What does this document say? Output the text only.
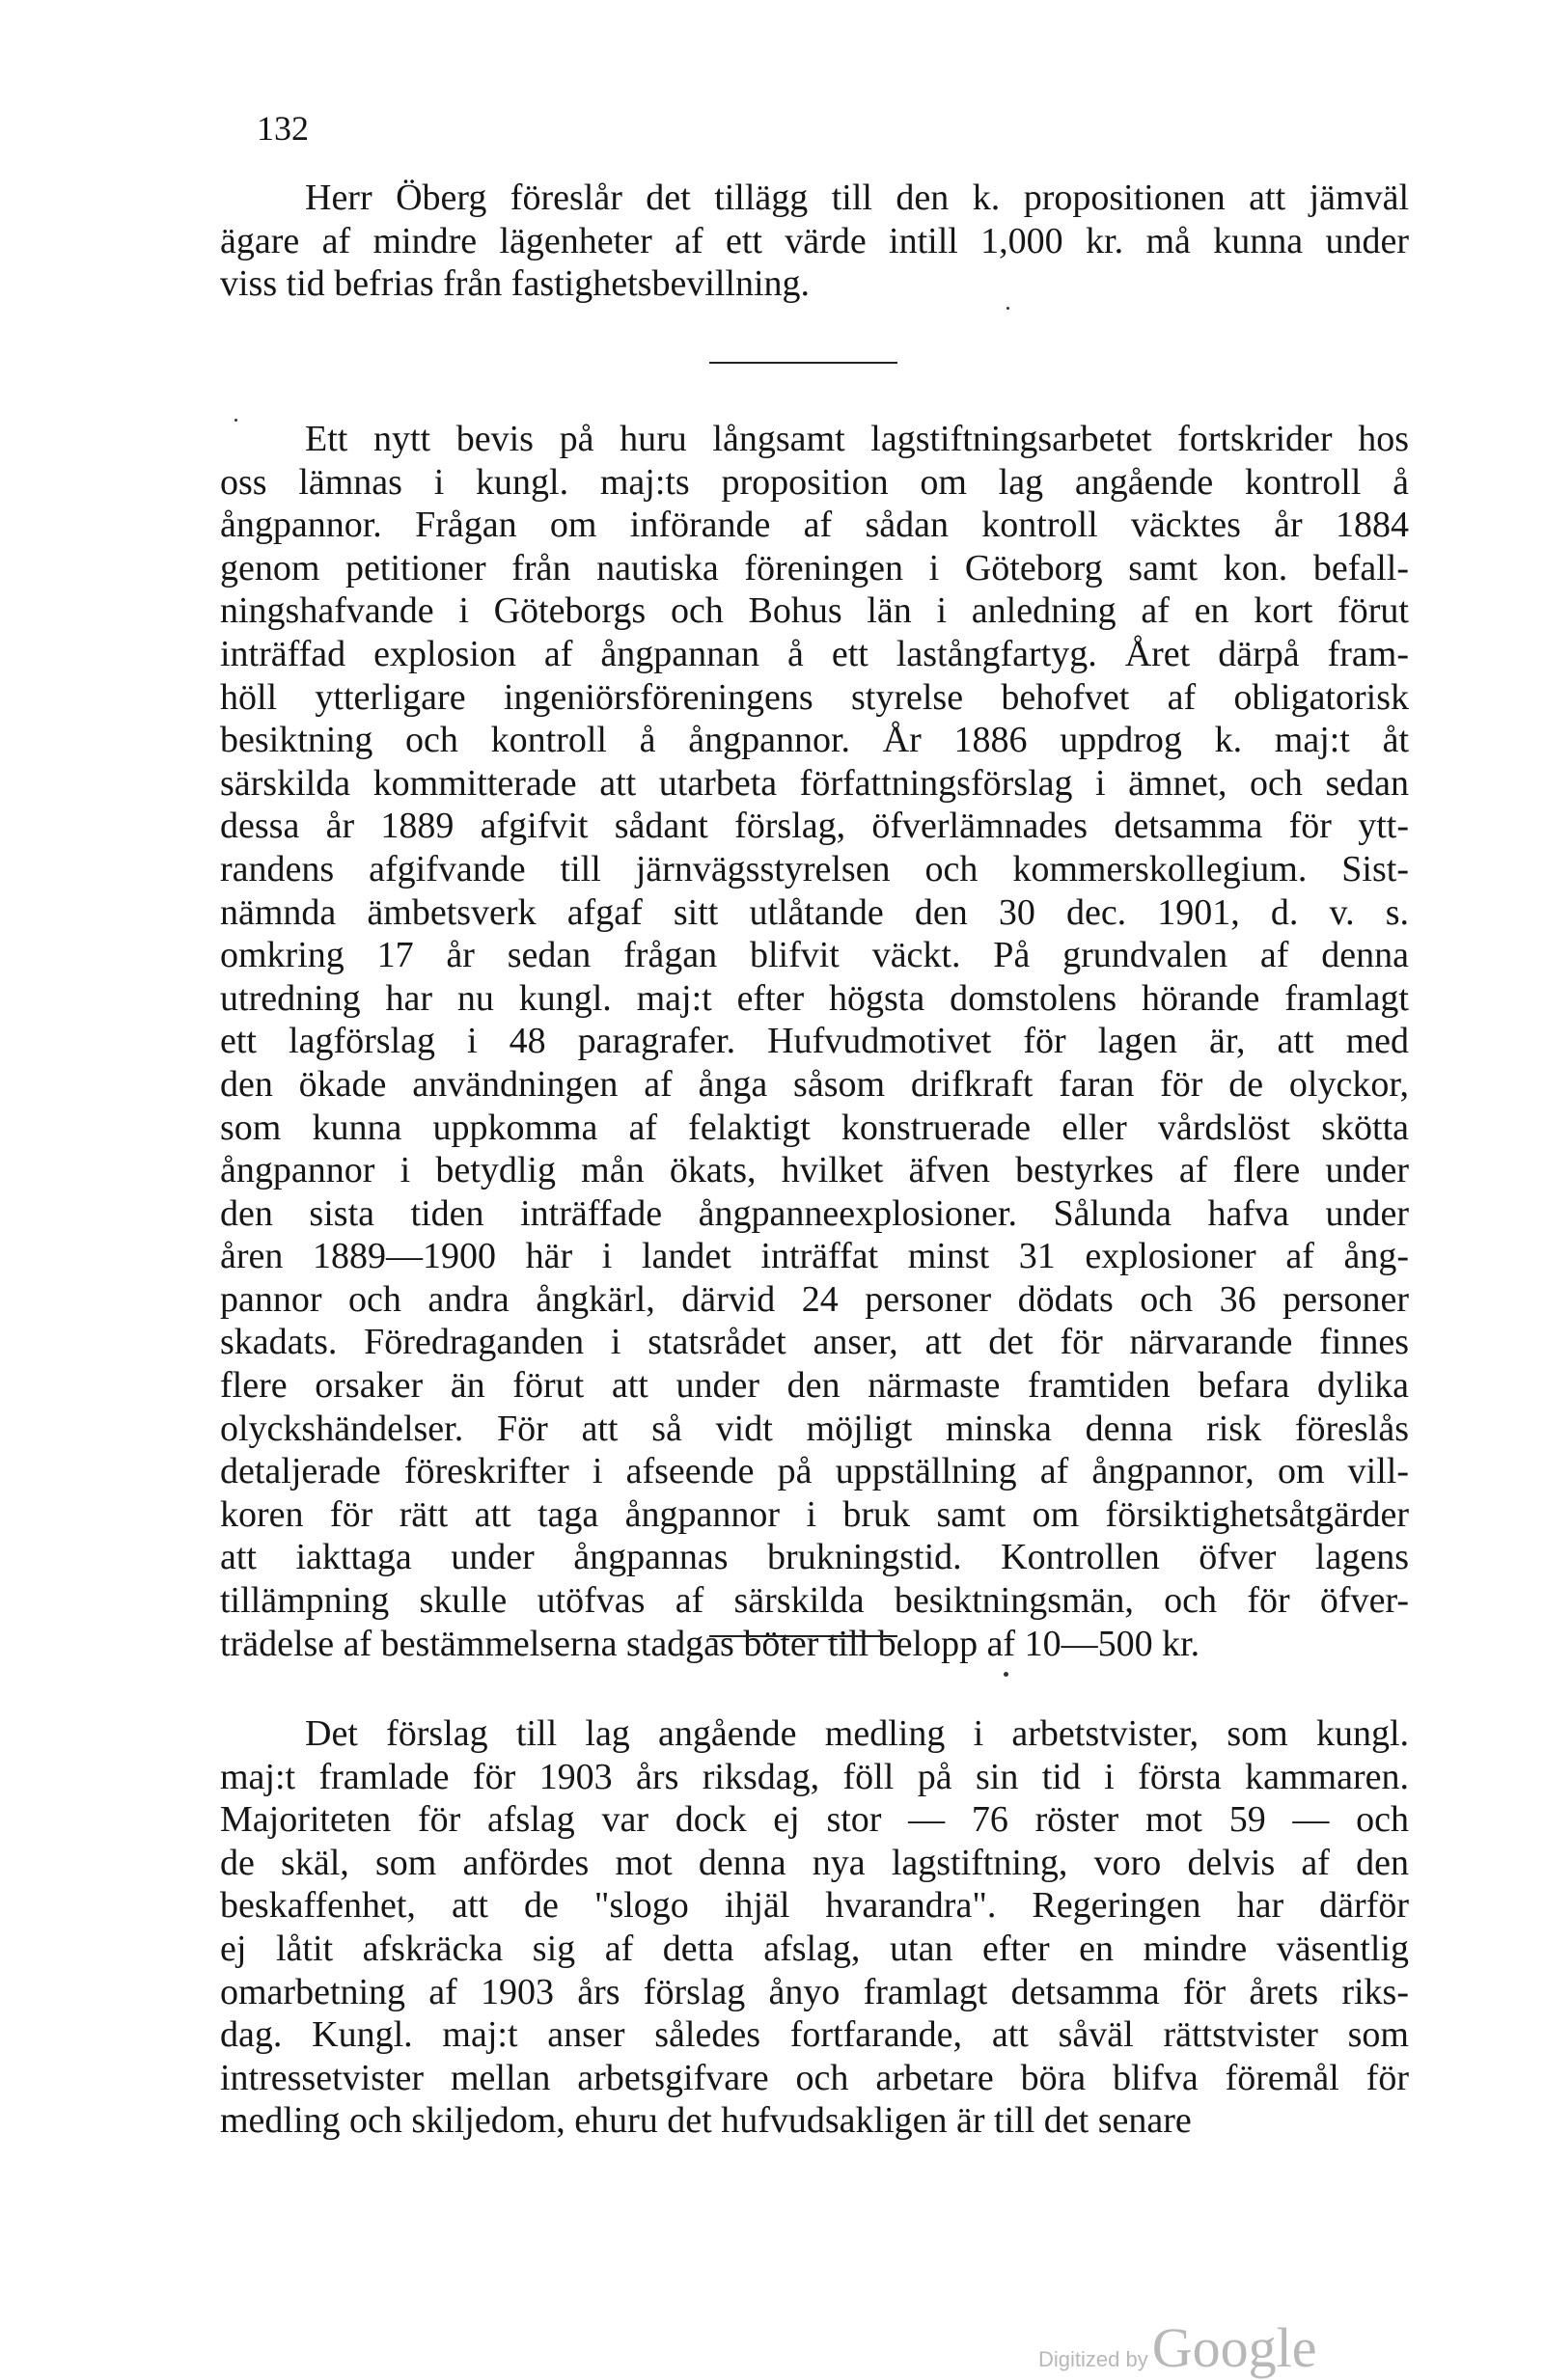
132
Herr Öberg föreslår det tillägg till den k. propositionen att jämväl
ägare af mindre lägenheter af ett värde intill 1,000 kr. må kunna under
viss tid befrias från fastighetsbevillning.
Ett nytt bevis på huru långsamt lagstiftningsarbetet fortskrider hos
oss lämnas i kungl. maj:ts proposition om lag angående kontroll å
ångpannor. Frågan om införande af sådan kontroll väcktes år 1884
genom petitioner från nautiska föreningen i Göteborg samt kon. befall-
ningshafvande i Göteborgs och Bohus län i anledning af en kort förut
inträffad explosion af ångpannan å ett lastångfartyg. Året därpå fram-
höll ytterligare ingeniörsföreningens styrelse behofvet af obligatorisk
besiktning och kontroll å ångpannor. År 1886 uppdrog k. maj:t åt
särskilda kommitterade att utarbeta författningsförslag i ämnet, och sedan
dessa år 1889 afgifvit sådant förslag, öfverlämnades detsamma för ytt-
randens afgifvande till järnvägsstyrelsen och kommerskollegium. Sist-
nämnda ämbetsverk afgaf sitt utlåtande den 30 dec. 1901, d. v. s.
omkring 17 år sedan frågan blifvit väckt. På grundvalen af denna
utredning har nu kungl. maj:t efter högsta domstolens hörande framlagt
ett lagförslag i 48 paragrafer. Hufvudmotivet för lagen är, att med
den ökade användningen af ånga såsom drifkraft faran för de olyckor,
som kunna uppkomma af felaktigt konstruerade eller vårdslöst skötta
ångpannor i betydlig mån ökats, hvilket äfven bestyrkes af flere under
den sista tiden inträffade ångpanneexplosioner. Sålunda hafva under
åren 1889—1900 här i landet inträffat minst 31 explosioner af ång-
pannor och andra ångkärl, därvid 24 personer dödats och 36 personer
skadats. Föredraganden i statsrådet anser, att det för närvarande finnes
flere orsaker än förut att under den närmaste framtiden befara dylika
olyckshändelser. För att så vidt möjligt minska denna risk föreslås
detaljerade föreskrifter i afseende på uppställning af ångpannor, om vill-
koren för rätt att taga ångpannor i bruk samt om försiktighetsåtgärder
att iakttaga under ångpannas brukningstid. Kontrollen öfver lagens
tillämpning skulle utöfvas af särskilda besiktningsmän, och för öfver-
trädelse af bestämmelserna stadgas böter till belopp af 10—500 kr.
Det förslag till lag angående medling i arbetstvister, som kungl.
maj:t framlade för 1903 års riksdag, föll på sin tid i första kammaren.
Majoriteten för afslag var dock ej stor — 76 röster mot 59 — och
de skäl, som anfördes mot denna nya lagstiftning, voro delvis af den
beskaffenhet, att de "slogo ihjäl hvarandra". Regeringen har därför
ej låtit afskräcka sig af detta afslag, utan efter en mindre väsentlig
omarbetning af 1903 års förslag ånyo framlagt detsamma för årets riks-
dag. Kungl. maj:t anser således fortfarande, att såväl rättstvister som
intressetvister mellan arbetsgifvare och arbetare böra blifva föremål för
medling och skiljedom, ehuru det hufvudsakligen är till det senare
Digitized by Google
